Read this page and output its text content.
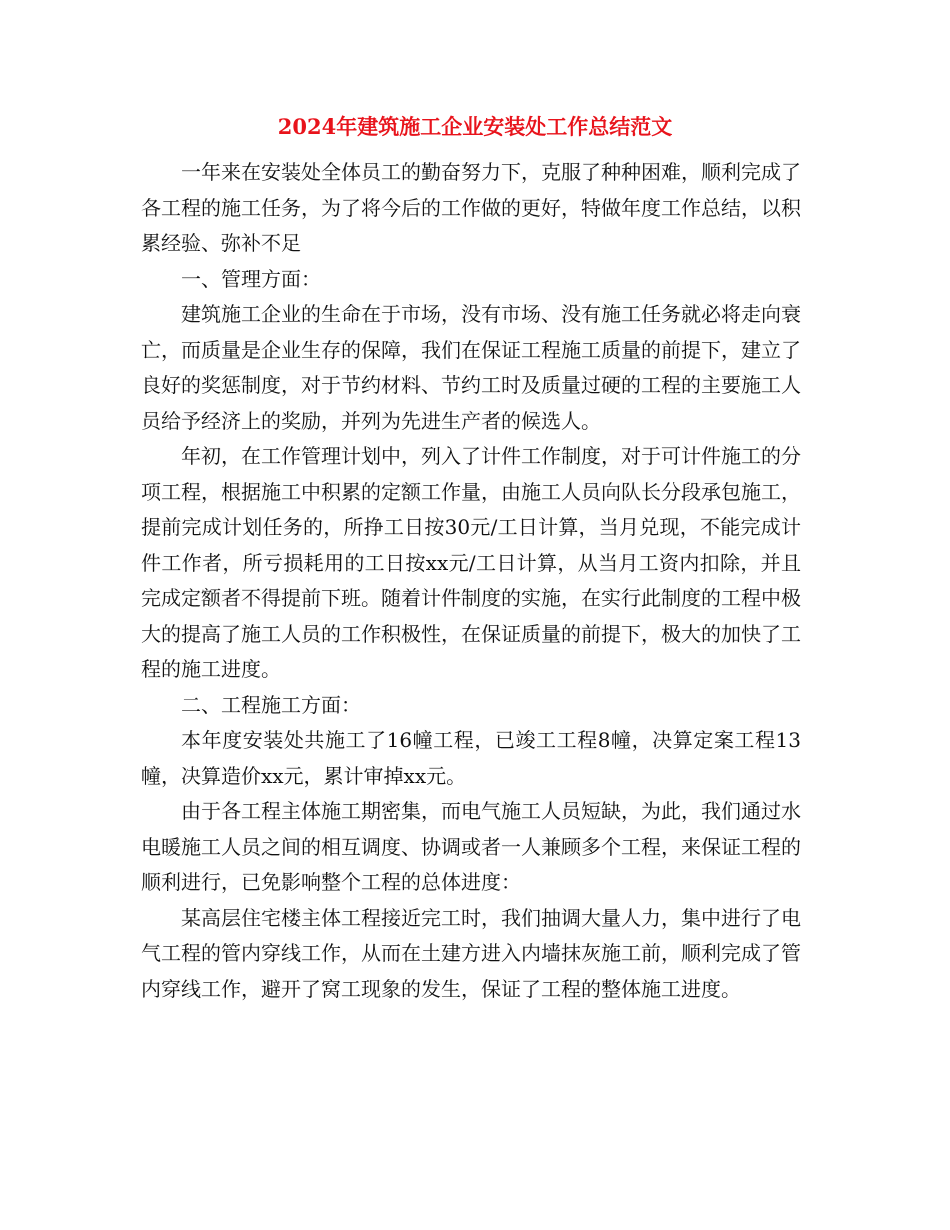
2024年建筑施工企业安装处工作总结范文

一年来在安装处全体员工的勤奋努力下，克服了种种困难，顺利完成了各工程的施工任务，为了将今后的工作做的更好，特做年度工作总结，以积累经验、弥补不足

一、管理方面：

建筑施工企业的生命在于市场，没有市场、没有施工任务就必将走向衰亡，而质量是企业生存的保障，我们在保证工程施工质量的前提下，建立了良好的奖惩制度，对于节约材料、节约工时及质量过硬的工程的主要施工人员给予经济上的奖励，并列为先进生产者的候选人。

年初，在工作管理计划中，列入了计件工作制度，对于可计件施工的分项工程，根据施工中积累的定额工作量，由施工人员向队长分段承包施工，提前完成计划任务的，所挣工日按30元/工日计算，当月兑现，不能完成计件工作者，所亏损耗用的工日按xx元/工日计算，从当月工资内扣除，并且完成定额者不得提前下班。随着计件制度的实施，在实行此制度的工程中极大的提高了施工人员的工作积极性，在保证质量的前提下，极大的加快了工程的施工进度。

二、工程施工方面：

本年度安装处共施工了16幢工程，已竣工工程8幢，决算定案工程13幢，决算造价xx元，累计审掉xx元。

由于各工程主体施工期密集，而电气施工人员短缺，为此，我们通过水电暖施工人员之间的相互调度、协调或者一人兼顾多个工程，来保证工程的顺利进行，已免影响整个工程的总体进度：

某高层住宅楼主体工程接近完工时，我们抽调大量人力，集中进行了电气工程的管内穿线工作，从而在土建方进入内墙抹灰施工前，顺利完成了管内穿线工作，避开了窝工现象的发生，保证了工程的整体施工进度。
